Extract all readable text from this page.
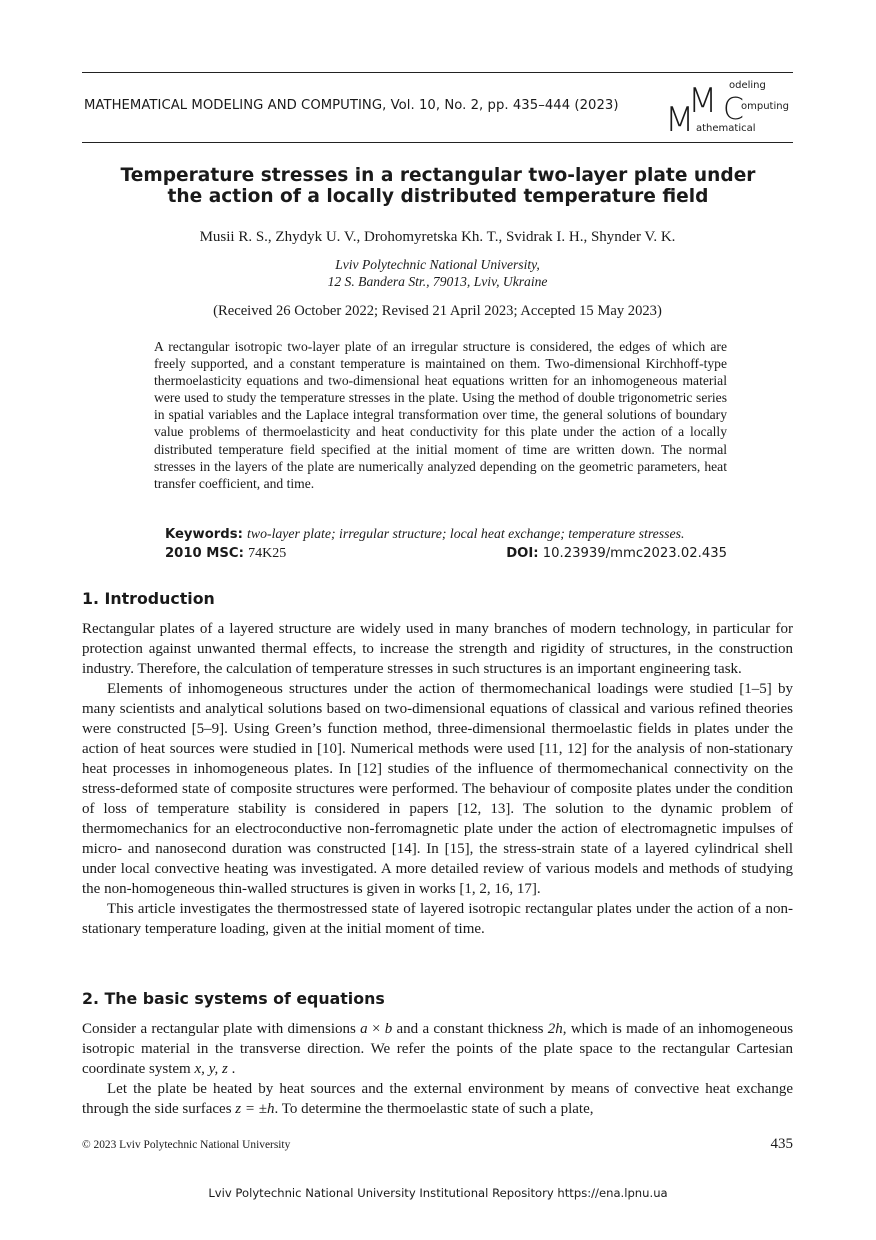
MATHEMATICAL MODELING AND COMPUTING, Vol. 10, No. 2, pp. 435–444 (2023) M
M C
odeling
omputing
athematical
Temperature stresses in a rectangular two-layer plate under
the action of a locally distributed temperature field
Musii R. S., Zhydyk U. V., Drohomyretska Kh. T., Svidrak I. H., Shynder V. K.
Lviv Polytechnic National University,
12 S. Bandera Str., 79013, Lviv, Ukraine
(Received 26 October 2022; Revised 21 April 2023; Accepted 15 May 2023)
A rectangular isotropic two-layer plate of an irregular structure is considered, the edges of which are freely supported, and a constant temperature is maintained on them. Two-dimensional Kirchhoff-type thermoelasticity equations and two-dimensional heat equations written for an inhomogeneous material were used to study the temperature stresses in the plate. Using the method of double trigonometric series in spatial variables and the Laplace integral transformation over time, the general solutions of boundary value problems of thermoelasticity and heat conductivity for this plate under the action of a locally distributed temperature field specified at the initial moment of time are written down. The normal stresses in the layers of the plate are numerically analyzed depending on the geometric parameters, heat transfer coefficient, and time.
Keywords: two-layer plate; irregular structure; local heat exchange; temperature stresses.
2010 MSC: 74K25	DOI: 10.23939/mmc2023.02.435
1. Introduction

Rectangular plates of a layered structure are widely used in many branches of modern technology, in particular for protection against unwanted thermal effects, to increase the strength and rigidity of structures, in the construction industry. Therefore, the calculation of temperature stresses in such structures is an important engineering task.

Elements of inhomogeneous structures under the action of thermomechanical loadings were studied [1–5] by many scientists and analytical solutions based on two-dimensional equations of classical and various refined theories were constructed [5–9]. Using Green’s function method, three-dimensional thermoelastic fields in plates under the action of heat sources were studied in [10]. Numerical methods were used [11, 12] for the analysis of non-stationary heat processes in inhomogeneous plates. In [12] studies of the influence of thermomechanical connectivity on the stress-deformed state of composite structures were performed. The behaviour of composite plates under the condition of loss of temperature stability is considered in papers [12, 13]. The solution to the dynamic problem of thermomechanics for an electroconductive non-ferromagnetic plate under the action of electromagnetic impulses of micro- and nanosecond duration was constructed [14]. In [15], the stress-strain state of a layered cylindrical shell under local convective heating was investigated. A more detailed review of various models and methods of studying the non-homogeneous thin-walled structures is given in works [1, 2, 16, 17].

This article investigates the thermostressed state of layered isotropic rectangular plates under the action of a non-stationary temperature loading, given at the initial moment of time.

2. The basic systems of equations

Consider a rectangular plate with dimensions a × b and a constant thickness 2h, which is made of an inhomogeneous isotropic material in the transverse direction. We refer the points of the plate space to the rectangular Cartesian coordinate system x, y, z .

Let the plate be heated by heat sources and the external environment by means of convective heat exchange through the side surfaces z = ±h. To determine the thermoelastic state of such a plate,

© 2023 Lviv Polytechnic National University	435
Lviv Polytechnic National University Institutional Repository https://ena.lpnu.ua
